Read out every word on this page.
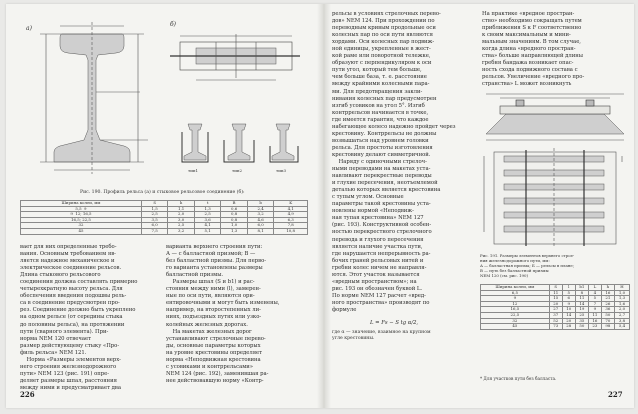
а)
б)
тип1	тип2	тип3
Рис. 190. Профиль рельса (а) и стыковое рельсовое соединение (б):
Ширина колеи, мм	S	h	t	B	b	K
5,5  9	1,5	1,1	1,3	0,6	2,4	4,1
9  12; 16,5	2,5	2,0	2,5	0,8	3,2	4,9
16,5; 22,5	3,5	3,0	3,6	0,8	4,6	6,3
32	6,0	2,5	4,1	1,0	6,0	7,8
45	7,5	3,2	5,1	1,3	8,1	10,8
вает для них определенные требо-
вания. Основным требованием яв-
ляется надежное механическое и
электрическое соединение рельсов.
Длина стыкового рельсового
соединения должна составлять примерно
четырехкратную высоту рельса. Для
обеспечения введения подошвы рель-
са в соединение предусмотрен про-
рез. Соединение должно быть укреплено
на одном рельсе (от середины стыка
до половины рельса), на протяжении
пути (сварного элемента). При-
норма NEM 120 отвечает
размер действующему стыку «Про-
филь рельса» NEM 121.
Норма «Размеры элементов верх-
него строения железнодорожного
пути» NEM 123 (рис. 191) опре-
деляет размеры шпал, расстояния
между ними и предусматривает два
варианта верхнего строения пути:
А — с балластной призмой; В —
без балластной призмы. Для перво-
го варианта установлены размеры
балластной призмы.
Размеры шпал (S и b1) и рас-
стояния между ними (l), замерен-
ные по оси пути, являются ори-
ентировочными и могут быть изменены,
например, на второстепенных ли-
ниях, подъездных путях или узко-
колейных железных дорогах.
На макетах железных дорог
устанавливают стрелочные перево-
ды, основные параметры которых
на уровне крестовины определяет
норма «Неподвижная крестовина
с усовиками и контррельсами»
NEM 124 (рис. 192), заменившая ра-
нее действовавшую норму «Контр-
226
рельсы в условиях стрелочных перево-
дов» NEM 124. При прохождении по
переводным кривым продольные оси
колесных пар по оси пути являются
хордами. Оси колесных пар подвиж-
ной единицы, укрепленные в жест-
кой раме или поворотной тележке,
образуют с перпендикуляром к оси
пути угол, который тем больше,
чем больше база, т. е. расстояние
между крайними колесными пара-
ми. Для предотвращения закли-
нивания колесных пар предусмотрен
изгиб усовиков на угол 5°. Изгиб
контррельсов начинается в точке,
где имеется гарантия, что каждое
набегающее колесо надежно пройдет через
крестовину. Контррельсы не должны
возвышаться над уровнем головки
рельса. Для простоты изготовления
крестовину делают симметричной.
Наряду с одиночными стрелоч-
ными переводами на макетах уста-
навливают перекрестные переводы
и глухие пересечения, неотъемлемой
деталью которых является крестовина
с тупым углом. Основные
параметры такой крестовины уста-
новлены нормой «Неподвиж-
ная тупая крестовина» NEM 127
(рис. 193). Конструктивной особен-
ностью перекрестного стрелочного
перевода и глухого пересечения
является наличие участка пути,
где нарушается непрерывность ра-
бочих граней рельсовых нитей и
гребни колес ничем не направля-
ются. Этот участок называется
«вредным пространством»; на
рис. 193 он обозначен буквой L.
По норме NEM 127 расчет «вред-
ного пространства» производят по
формуле
L = Fs − S tg α/2,
где α — значение, взаимное на крупном
угле крестовины.
На практике «вредное простран-
ство» необходимо сокращать путем
приближения S к F соответственно
к своим максимальным и мини-
мальным значениям. В том случае,
когда длина «вредного простран-
ства» больше направляющей длины
гребня бандажа возникает опас-
ность схода подвижного состава с
рельсов. Увеличение «вредного про-
странства» L может возникнуть
Рис. 191. Размеры элементов верхнего строе-
ния железнодорожного пути, мм:
А — балластная призма; Б — рельсы в плане;
В — путь без балластной призмы
NEM 120 (см. рис. 190)
Ширина колеи, мм	S	l	b1	L	h	H
6,5	11	5	8	4	16	1,0
9	15	6	11	5	21	1,3
12	20	9	14	7	26	1,6
16,5	27	10	19	9	36	2,0
22,5	37	14	25	11	50	2,7
32	52	20	35	16	70	3,8
45	73	28	50	23	98	5,4
* Для участков пути без балласта.
227
